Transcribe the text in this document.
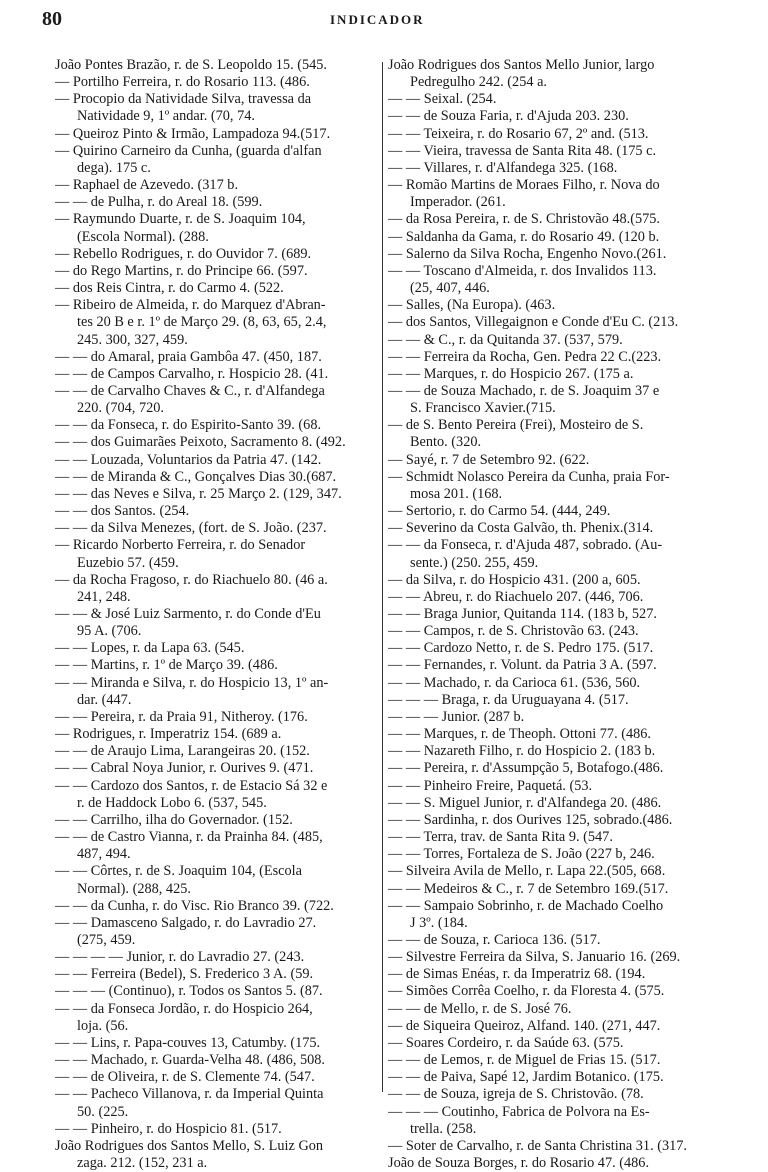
80	INDICADOR
João Pontes Brazão, r. de S. Leopoldo 15. (545.
— Portilho Ferreira, r. do Rosario 113. (486.
— Procopio da Natividade Silva, travessa da
Natividade 9, 1º andar. (70, 74.
— Queiroz Pinto & Irmão, Lampadoza 94.(517.
— Quirino Carneiro da Cunha, (guarda d'alfan
dega). 175 c.
— Raphael de Azevedo. (317 b.
— — de Pulha, r. do Areal 18. (599.
— Raymundo Duarte, r. de S. Joaquim 104,
(Escola Normal). (288.
— Rebello Rodrigues, r. do Ouvidor 7. (689.
— do Rego Martins, r. do Principe 66. (597.
— dos Reis Cintra, r. do Carmo 4. (522.
— Ribeiro de Almeida, r. do Marquez d'Abran-
tes 20 B e r. 1º de Março 29. (8, 63, 65, 2.4,
245. 300, 327, 459.
— — do Amaral, praia Gambôa 47. (450, 187.
— — de Campos Carvalho, r. Hospicio 28. (41.
— — de Carvalho Chaves & C., r. d'Alfandega
220. (704, 720.
— — da Fonseca, r. do Espirito-Santo 39. (68.
— — dos Guimarães Peixoto, Sacramento 8. (492.
— — Louzada, Voluntarios da Patria 47. (142.
— — de Miranda & C., Gonçalves Dias 30.(687.
— — das Neves e Silva, r. 25 Março 2. (129, 347.
— — dos Santos. (254.
— — da Silva Menezes, (fort. de S. João. (237.
— Ricardo Norberto Ferreira, r. do Senador
Euzebio 57. (459.
— da Rocha Fragoso, r. do Riachuelo 80. (46 a.
241, 248.
— — & José Luiz Sarmento, r. do Conde d'Eu
95 A. (706.
— — Lopes, r. da Lapa 63. (545.
— — Martins, r. 1º de Março 39. (486.
— — Miranda e Silva, r. do Hospicio 13, 1º an-
dar. (447.
— — Pereira, r. da Praia 91, Nitheroy. (176.
— Rodrigues, r. Imperatriz 154. (689 a.
— — de Araujo Lima, Larangeiras 20. (152.
— — Cabral Noya Junior, r. Ourives 9. (471.
— — Cardozo dos Santos, r. de Estacio Sá 32 e
r. de Haddock Lobo 6. (537, 545.
— — Carrilho, ilha do Governador. (152.
— — de Castro Vianna, r. da Prainha 84. (485,
487, 494.
— — Côrtes, r. de S. Joaquim 104, (Escola
Normal). (288, 425.
— — da Cunha, r. do Visc. Rio Branco 39. (722.
— — Damasceno Salgado, r. do Lavradio 27.
(275, 459.
— — — — Junior, r. do Lavradio 27. (243.
— — Ferreira (Bedel), S. Frederico 3 A. (59.
— — — (Continuo), r. Todos os Santos 5. (87.
— — da Fonseca Jordão, r. do Hospicio 264,
loja. (56.
— — Lins, r. Papa-couves 13, Catumby. (175.
— — Machado, r. Guarda-Velha 48. (486, 508.
— — de Oliveira, r. de S. Clemente 74. (547.
— — Pacheco Villanova, r. da Imperial Quinta
50. (225.
— — Pinheiro, r. do Hospicio 81. (517.
João Rodrigues dos Santos Mello, S. Luiz Gon
zaga. 212. (152, 231 a.
João Rodrigues dos Santos Mello Junior, largo
Pedregulho 242. (254 a.
— — Seixal. (254.
— — de Souza Faria, r. d'Ajuda 203. 230.
— — Teixeira, r. do Rosario 67, 2º and. (513.
— — Vieira, travessa de Santa Rita 48. (175 c.
— — Villares, r. d'Alfandega 325. (168.
— Romão Martins de Moraes Filho, r. Nova do
Imperador. (261.
— da Rosa Pereira, r. de S. Christovão 48.(575.
— Saldanha da Gama, r. do Rosario 49. (120 b.
— Salerno da Silva Rocha, Engenho Novo.(261.
— — Toscano d'Almeida, r. dos Invalidos 113.
(25, 407, 446.
— Salles, (Na Europa). (463.
— dos Santos, Villegaignon e Conde d'Eu C. (213.
— — & C., r. da Quitanda 37. (537, 579.
— — Ferreira da Rocha, Gen. Pedra 22 C.(223.
— — Marques, r. do Hospicio 267. (175 a.
— — de Souza Machado, r. de S. Joaquim 37 e
S. Francisco Xavier.(715.
— de S. Bento Pereira (Frei), Mosteiro de S.
Bento. (320.
— Sayé, r. 7 de Setembro 92. (622.
— Schmidt Nolasco Pereira da Cunha, praia For-
mosa 201. (168.
— Sertorio, r. do Carmo 54. (444, 249.
— Severino da Costa Galvão, th. Phenix.(314.
— — da Fonseca, r. d'Ajuda 487, sobrado. (Au-
sente.) (250. 255, 459.
— da Silva, r. do Hospicio 431. (200 a, 605.
— — Abreu, r. do Riachuelo 207. (446, 706.
— — Braga Junior, Quitanda 114. (183 b, 527.
— — Campos, r. de S. Christovão 63. (243.
— — Cardozo Netto, r. de S. Pedro 175. (517.
— — Fernandes, r. Volunt. da Patria 3 A. (597.
— — Machado, r. da Carioca 61. (536, 560.
— — — Braga, r. da Uruguayana 4. (517.
— — — Junior. (287 b.
— — Marques, r. de Theoph. Ottoni 77. (486.
— — Nazareth Filho, r. do Hospicio 2. (183 b.
— — Pereira, r. d'Assumpção 5, Botafogo.(486.
— — Pinheiro Freire, Paquetá. (53.
— — S. Miguel Junior, r. d'Alfandega 20. (486.
— — Sardinha, r. dos Ourives 125, sobrado.(486.
— — Terra, trav. de Santa Rita 9. (547.
— — Torres, Fortaleza de S. João (227 b, 246.
— Silveira Avila de Mello, r. Lapa 22.(505, 668.
— — Medeiros & C., r. 7 de Setembro 169.(517.
— — Sampaio Sobrinho, r. de Machado Coelho
J 3º. (184.
— — de Souza, r. Carioca 136. (517.
— Silvestre Ferreira da Silva, S. Januario 16. (269.
— de Simas Enéas, r. da Imperatriz 68. (194.
— Simões Corrêa Coelho, r. da Floresta 4. (575.
— — de Mello, r. de S. José 76.
— de Siqueira Queiroz, Alfand. 140. (271, 447.
— Soares Cordeiro, r. da Saúde 63. (575.
— — de Lemos, r. de Miguel de Frias 15. (517.
— — de Paiva, Sapé 12, Jardim Botanico. (175.
— — de Souza, igreja de S. Christovão. (78.
— — — Coutinho, Fabrica de Polvora na Es-
trella. (258.
— Soter de Carvalho, r. de Santa Christina 31. (317.
João de Souza Borges, r. do Rosario 47. (486.
